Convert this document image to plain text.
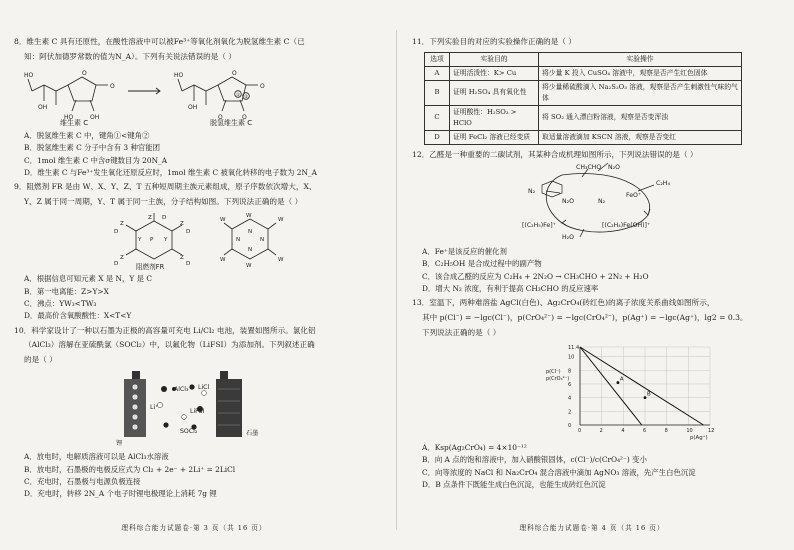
8．维生素 C 具有还原性，在酸性溶液中可以被Fe³⁺等氧化剂氧化为脱氢维生素 C（已
知：阿伏加德罗常数的值为N_A）。下列有关说法错误的是（ ）
HO
OH
O
O
HO	OH
HO
OH
O
O
O	O
① ②
维生素 C	脱氢维生素 C
A．脱氢维生素 C 中，键角①<键角②
B．脱氢维生素 C 分子中含有 3 种官能团
C．1mol 维生素 C 中含σ键数目为 20N_A
D．维生素 C 与Fe³⁺发生氧化还原反应时，1mol 维生素 C 被氧化转移的电子数为 2N_A
9．阻燃剂 FR 是由 W、X、Y、Z、T 五种短周期主族元素组成，原子序数依次增大，X、
Y、Z 属于同一周期，Y、T 属于同一主族，分子结构如图。下列说法正确的是（ ）
Z D
Z
D
Z
D
Z
D
Z
D
P
Y	Y
W	W
W	W
W
W
N	N
N
N
阻燃剂FR
A．根据信息可知元素 X 是 N，Y 是 C
B．第一电离能：Z>Y>X
C．沸点：YW₃<TW₃
D．最高价含氧酸酸性：X<T<Y
10．科学家设计了一种以石墨为正极的高容量可充电 Li/Cl₂ 电池，装置如图所示。氯化铝
（AlCl₃）溶解在亚硫酰氯（SOCl₂）中，以氟化物（LiFSI）为添加剂。下列叙述正确
的是（ ）
AlCl₃ LiCl
Li⁺
LiFSI
SOCl₂
锂
石墨
A．放电时，电解质溶液可以是 AlCl₃水溶液
B．放电时，石墨极的电极反应式为 Cl₂ + 2e⁻ + 2Li⁺ = 2LiCl
C．充电时，石墨极与电源负极连接
D．充电时，转移 2N_A 个电子时锂电极理论上消耗 7g 锂
理科综合能力试题卷·第 3 页（共 16 页）
11．下列实验目的对应的实验操作正确的是（ ）
选项	实验目的	实验操作
A	证明活泼性：K> Cu	将少量 K 投入 CuSO₄ 溶液中，观察是否产生红色固体
B	证明 H₂SO₄ 具有氧化性	将少量稀硫酸滴入 Na₂S₂O₃ 溶液，观察是否产生刺激性气味的气体
C	证明酸性：H₂SO₃ > HClO	将 SO₂ 通入漂白粉溶液，观察是否变浑浊
D	证明 FeCl₂ 溶液已经变质	取适量溶液滴加 KSCN 溶液，观察是否变红
12．乙醛是一种重要的二碳试剂，其某种合成机理如图所示，下列说法错误的是（ ）
CH₃CHO N₂O
FeO⁺
C₂H₄
N₂
N₂O	N₂
[(C₂H₅)Fe]⁺	[(C₂H₄)Fe(OH)]⁺
H₂O
A．Fe⁺是该反应的催化剂
B．C₂H₅OH 是合成过程中的副产物
C．该合成乙醛的反应为 C₂H₄ + 2N₂O → CH₃CHO + 2N₂ + H₂O
D．增大 N₂ 浓度，有利于提高 CH₃CHO 的反应速率
13．室温下，两种难溶盐 AgCl(白色)、Ag₂CrO₄(砖红色)的离子浓度关系曲线如图所示，
其中 p(Cl⁻) = −lgc(Cl⁻)，p(CrO₄²⁻) = −lgc(CrO₄²⁻)，p(Ag⁺) = −lgc(Ag⁺)，lg2 = 0.3。
下列说法正确的是（ ）
0	2	4	6	8	10	12
0
2
4
6
8
10
11.4
A
B
p(Ag⁺)
p(Cl⁻)
p(CrO₄²⁻)
A．Ksp(Ag₂CrO₄) = 4×10⁻¹²
B．向 A 点的饱和溶液中，加入硝酸银固体，c(Cl⁻)/c(CrO₄²⁻) 变小
C．向等浓度的 NaCl 和 Na₂CrO₄ 混合溶液中滴加 AgNO₃ 溶液，先产生白色沉淀
D．B 点条件下既能生成白色沉淀，也能生成砖红色沉淀
理科综合能力试题卷·第 4 页（共 16 页）
